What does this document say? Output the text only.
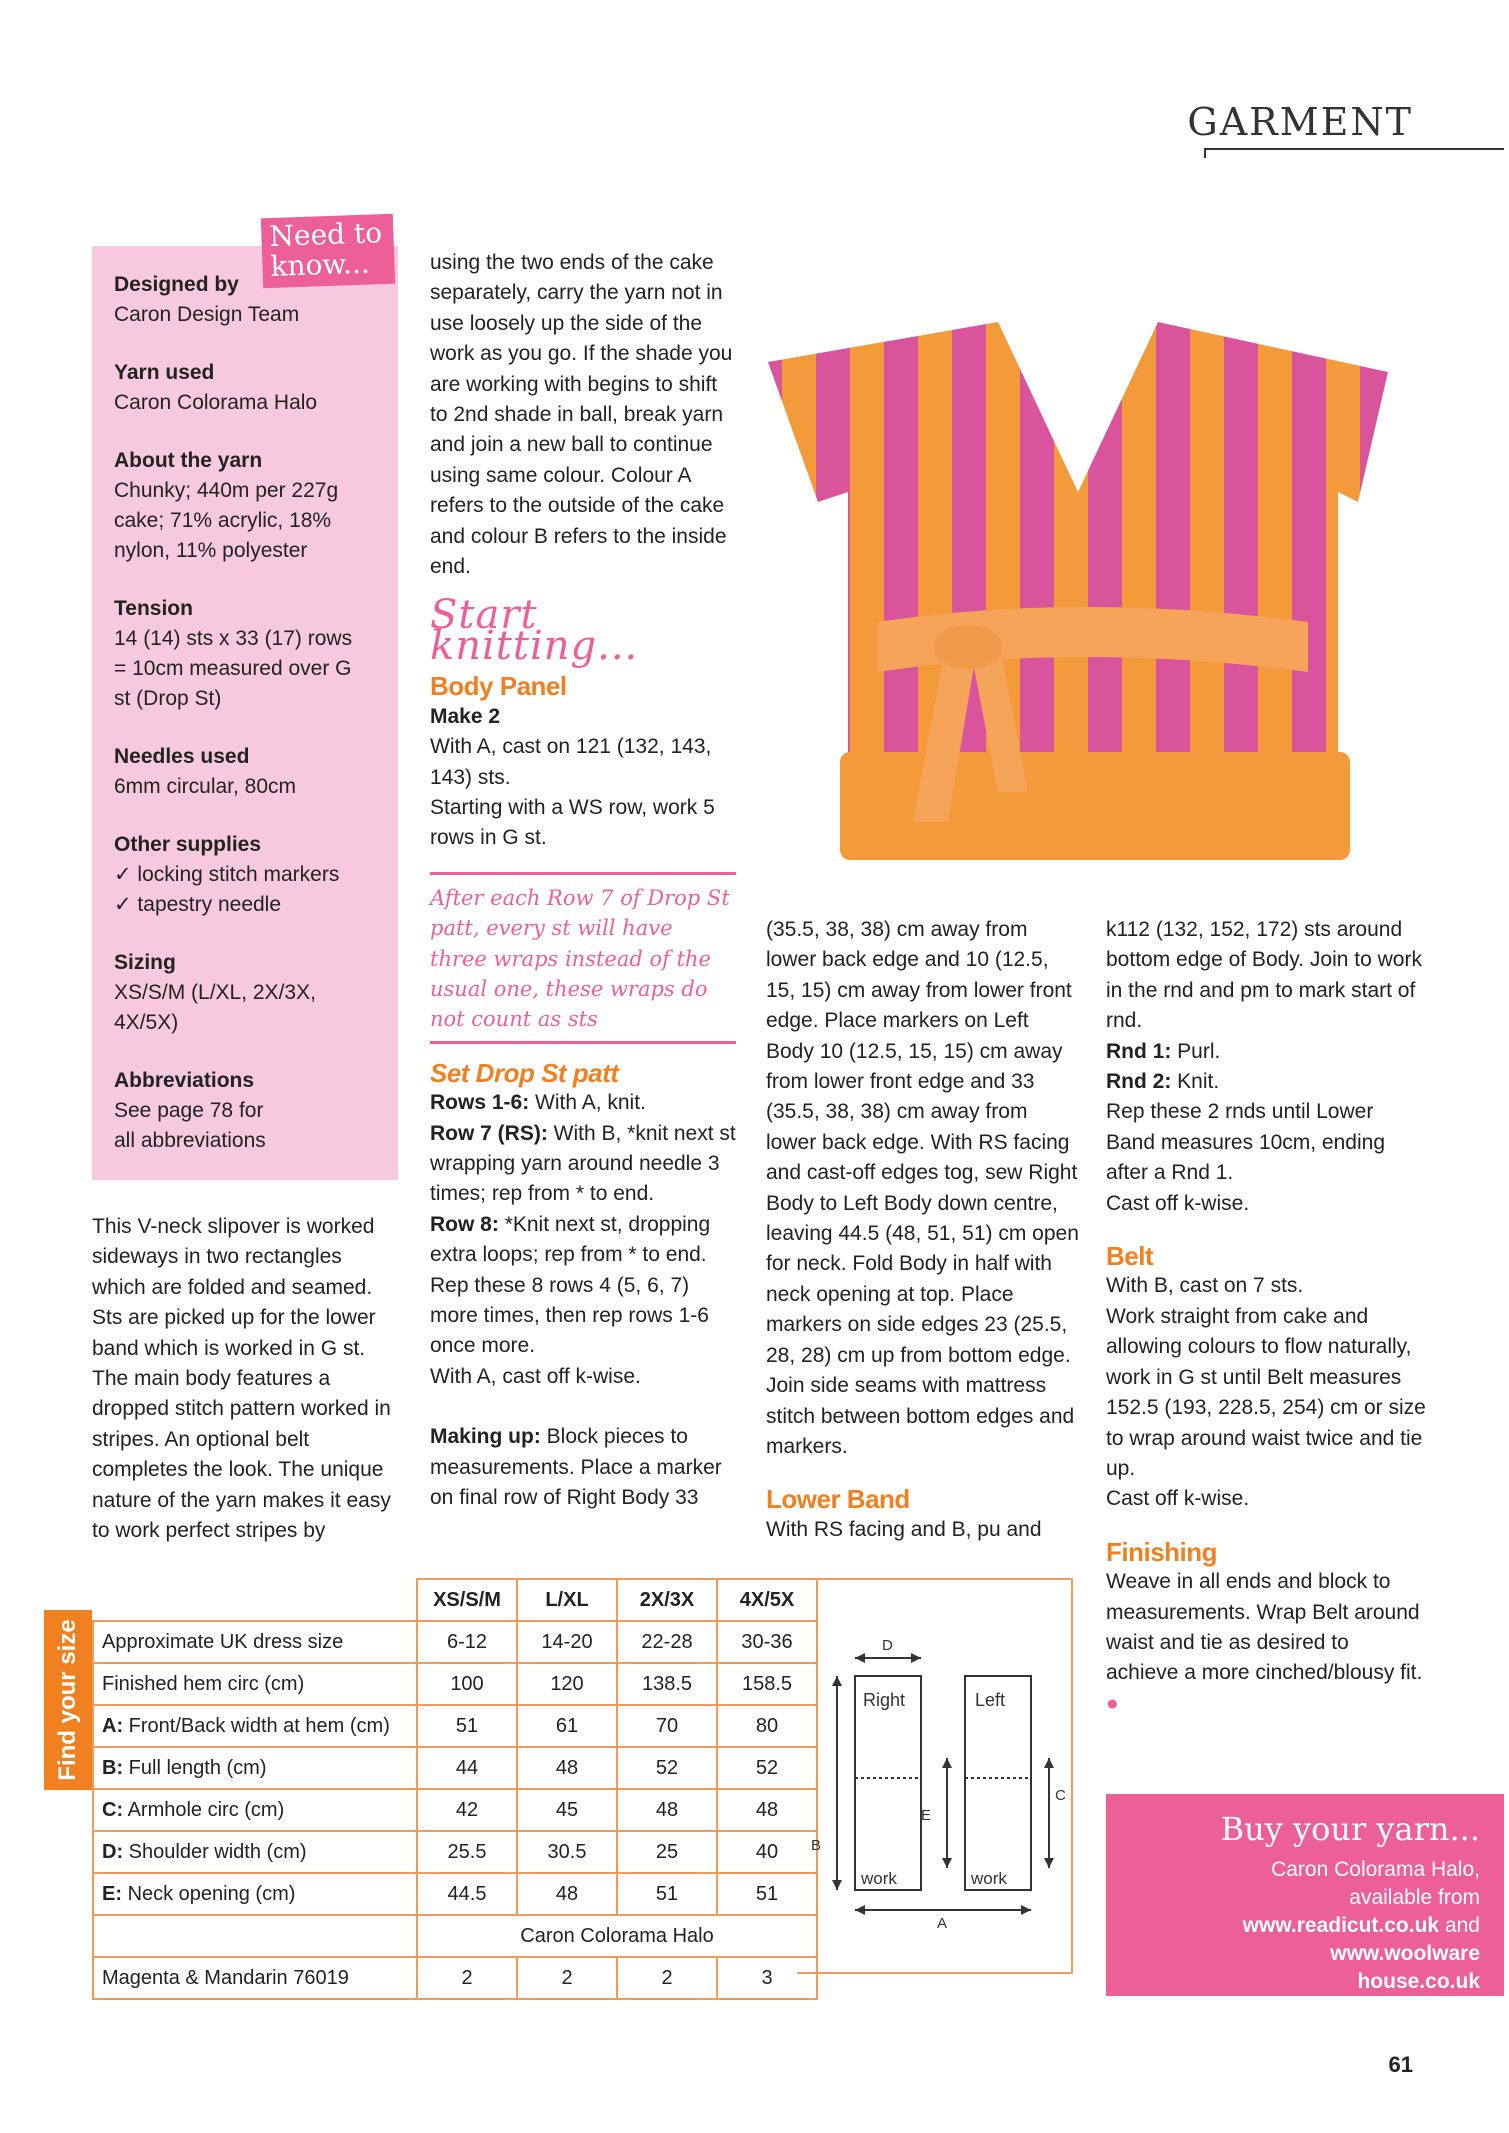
GARMENT
Designed by
Caron Design Team
Yarn used
Caron Colorama Halo
About the yarn
Chunky; 440m per 227g
cake; 71% acrylic, 18%
nylon, 11% polyester
Tension
14 (14) sts x 33 (17) rows
= 10cm measured over G
st (Drop St)
Needles used
6mm circular, 80cm
Other supplies
✓ locking stitch markers
✓ tapestry needle
Sizing
XS/S/M (L/XL, 2X/3X,
4X/5X)
Abbreviations
See page 78 for
all abbreviations
Need to
know...

This V-neck slipover is worked sideways in two rectangles which are folded and seamed. Sts are picked up for the lower band which is worked in G st. The main body features a dropped stitch pattern worked in stripes. An optional belt completes the look. The unique nature of the yarn makes it easy to work perfect stripes by

using the two ends of the cake separately, carry the yarn not in use loosely up the side of the work as you go. If the shade you are working with begins to shift to 2nd shade in ball, break yarn and join a new ball to continue using same colour. Colour A refers to the outside of the cake and colour B refers to the inside end.

Start knitting...
Body Panel

Make 2

With A, cast on 121 (132, 143, 143) sts.

Starting with a WS row, work 5 rows in G st.

After each Row 7 of Drop St patt, every st will have three wraps instead of the usual one, these wraps do not count as sts

Set Drop St patt

Rows 1-6: With A, knit.

Row 7 (RS): With B, *knit next st wrapping yarn around needle 3 times; rep from * to end.

Row 8: *Knit next st, dropping extra loops; rep from * to end.

Rep these 8 rows 4 (5, 6, 7) more times, then rep rows 1-6 once more.

With A, cast off k-wise.

Making up: Block pieces to measurements. Place a marker on final row of Right Body 33

(35.5, 38, 38) cm away from lower back edge and 10 (12.5, 15, 15) cm away from lower front edge. Place markers on Left Body 10 (12.5, 15, 15) cm away from lower front edge and 33 (35.5, 38, 38) cm away from lower back edge. With RS facing and cast-off edges tog, sew Right Body to Left Body down centre, leaving 44.5 (48, 51, 51) cm open for neck. Fold Body in half with neck opening at top. Place markers on side edges 23 (25.5, 28, 28) cm up from bottom edge. Join side seams with mattress stitch between bottom edges and markers.

Lower Band

With RS facing and B, pu and

k112 (132, 152, 172) sts around bottom edge of Body. Join to work in the rnd and pm to mark start of rnd.

Rnd 1: Purl.

Rnd 2: Knit.

Rep these 2 rnds until Lower Band measures 10cm, ending after a Rnd 1.

Cast off k-wise.

Belt

With B, cast on 7 sts.

Work straight from cake and allowing colours to flow naturally, work in G st until Belt measures 152.5 (193, 228.5, 254) cm or size to wrap around waist twice and tie up.

Cast off k-wise.

Finishing

Weave in all ends and block to measurements. Wrap Belt around waist and tie as desired to achieve a more cinched/blousy fit. ●

Find your size
	XS/S/M	L/XL	2X/3X	4X/5X
Approximate UK dress size	6-12	14-20	22-28	30-36
Finished hem circ (cm)	100	120	138.5	158.5
A: Front/Back width at hem (cm)	51	61	70	80
B: Full length (cm)	44	48	52	52
C: Armhole circ (cm)	42	45	48	48
D: Shoulder width (cm)	25.5	30.5	25	40
E: Neck opening (cm)	44.5	48	51	51
	Caron Colorama Halo			
Magenta & Mandarin 76019	2	2	2	3
Right	Left
work	work
D
B
A
C
E	Buy your yarn...
Caron Colorama Halo,
available from
www.readicut.co.uk and
www.woolware
house.co.uk
61
